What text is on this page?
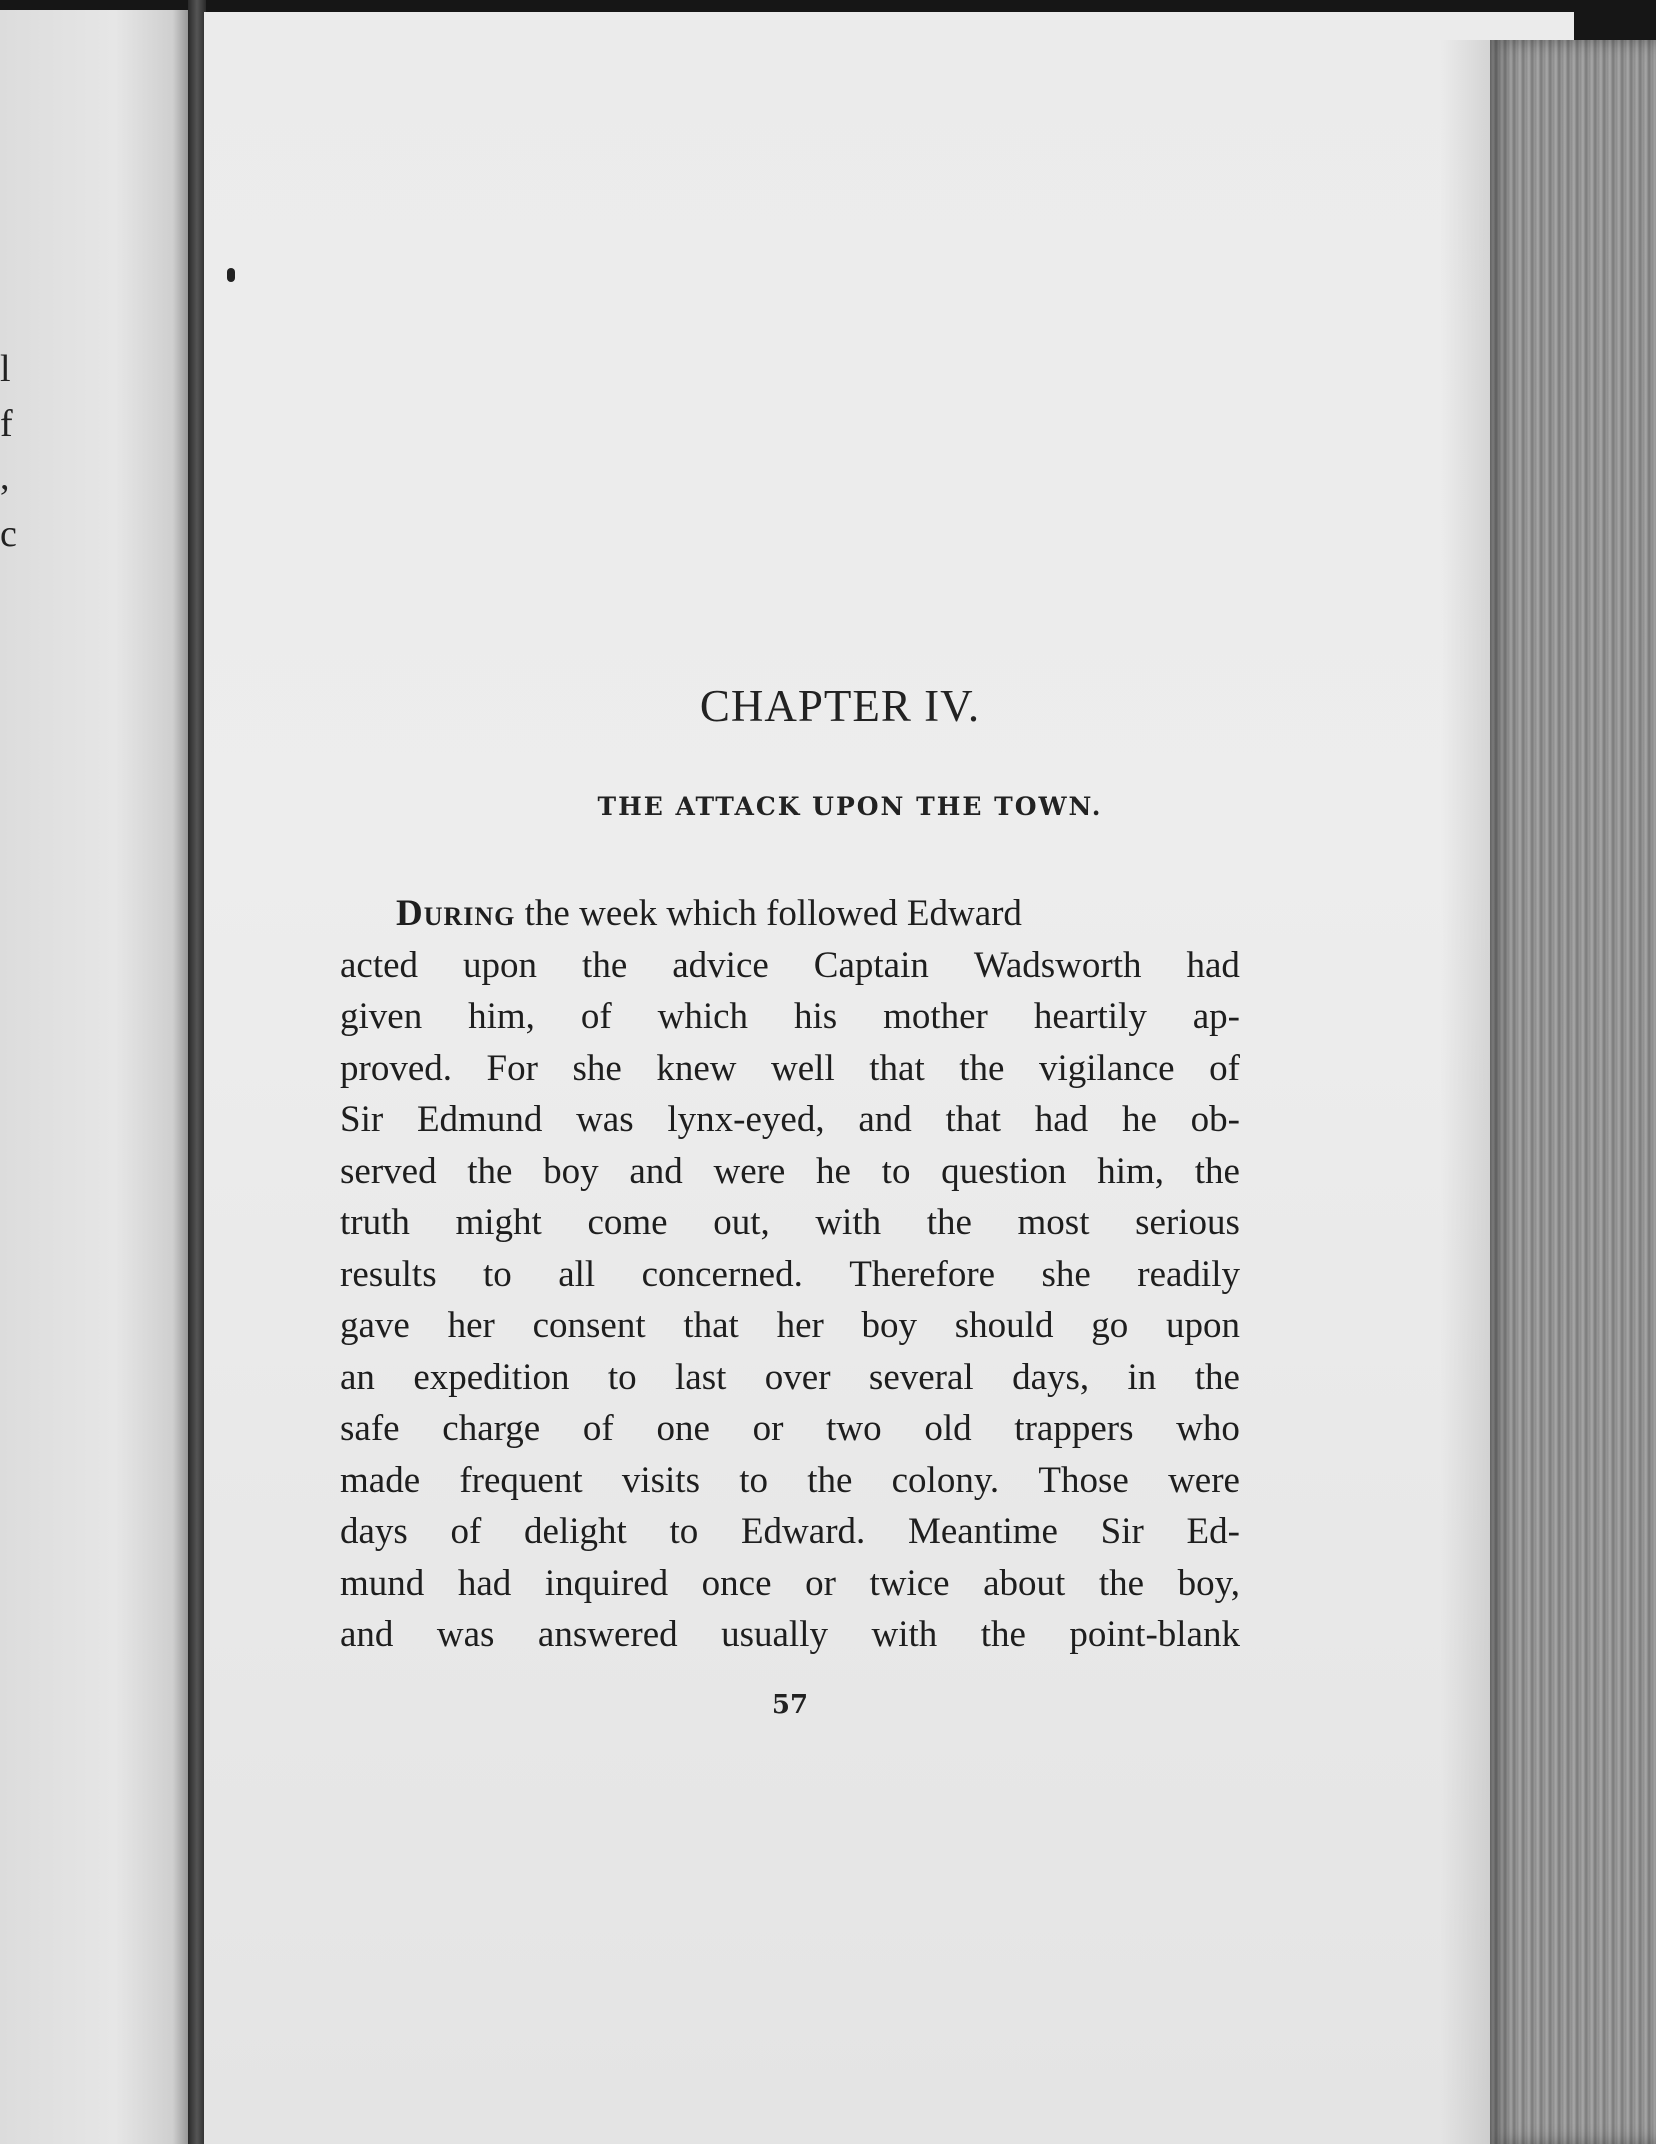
l
f
,
c
CHAPTER IV.
THE ATTACK UPON THE TOWN.
During the week which followed Edward
acted upon the advice Captain Wadsworth had
given him, of which his mother heartily ap-
proved. For she knew well that the vigilance of
Sir Edmund was lynx-eyed, and that had he ob-
served the boy and were he to question him, the
truth might come out, with the most serious
results to all concerned. Therefore she readily
gave her consent that her boy should go upon
an expedition to last over several days, in the
safe charge of one or two old trappers who
made frequent visits to the colony. Those were
days of delight to Edward. Meantime Sir Ed-
mund had inquired once or twice about the boy,
and was answered usually with the point-blank
57
